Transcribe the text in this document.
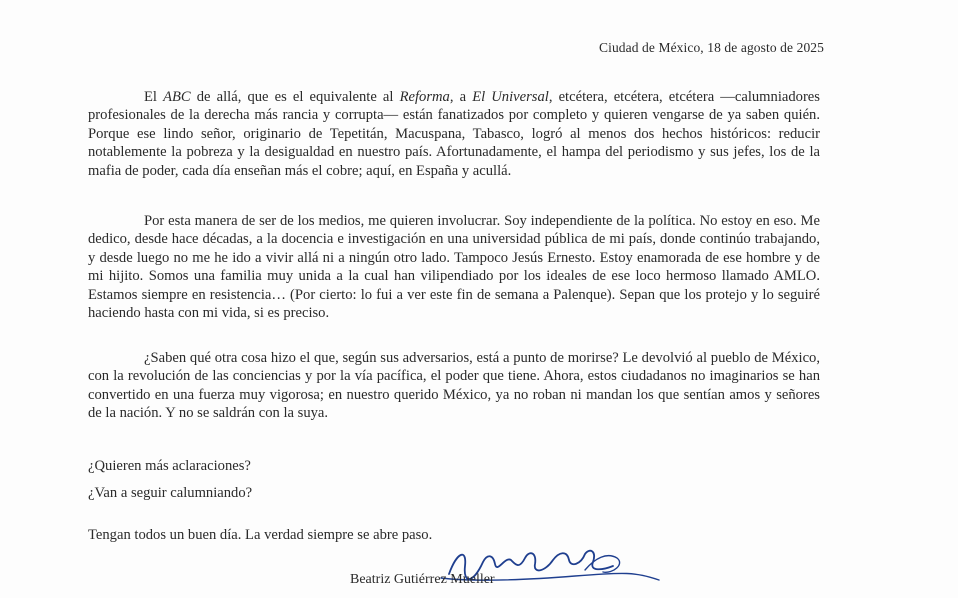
Ciudad de México, 18 de agosto de 2025

El ABC de allá, que es el equivalente al Reforma, a El Universal, etcétera, etcétera, etcétera —calumniadores profesionales de la derecha más rancia y corrupta— están fanatizados por completo y quieren vengarse de ya saben quién. Porque ese lindo señor, originario de Tepetitán, Macuspana, Tabasco, logró al menos dos hechos históricos: reducir notablemente la pobreza y la desigualdad en nuestro país. Afortunadamente, el hampa del periodismo y sus jefes, los de la mafia de poder, cada día enseñan más el cobre; aquí, en España y acullá.

Por esta manera de ser de los medios, me quieren involucrar. Soy independiente de la política. No estoy en eso. Me dedico, desde hace décadas, a la docencia e investigación en una universidad pública de mi país, donde continúo trabajando, y desde luego no me he ido a vivir allá ni a ningún otro lado. Tampoco Jesús Ernesto. Estoy enamorada de ese hombre y de mi hijito. Somos una familia muy unida a la cual han vilipendiado por los ideales de ese loco hermoso llamado AMLO. Estamos siempre en resistencia… (Por cierto: lo fui a ver este fin de semana a Palenque). Sepan que los protejo y lo seguiré haciendo hasta con mi vida, si es preciso.

¿Saben qué otra cosa hizo el que, según sus adversarios, está a punto de morirse? Le devolvió al pueblo de México, con la revolución de las conciencias y por la vía pacífica, el poder que tiene. Ahora, estos ciudadanos no imaginarios se han convertido en una fuerza muy vigorosa; en nuestro querido México, ya no roban ni mandan los que sentían amos y señores de la nación. Y no se saldrán con la suya.

¿Quieren más aclaraciones?
¿Van a seguir calumniando?
Tengan todos un buen día. La verdad siempre se abre paso.
Beatriz Gutiérrez Mueller
